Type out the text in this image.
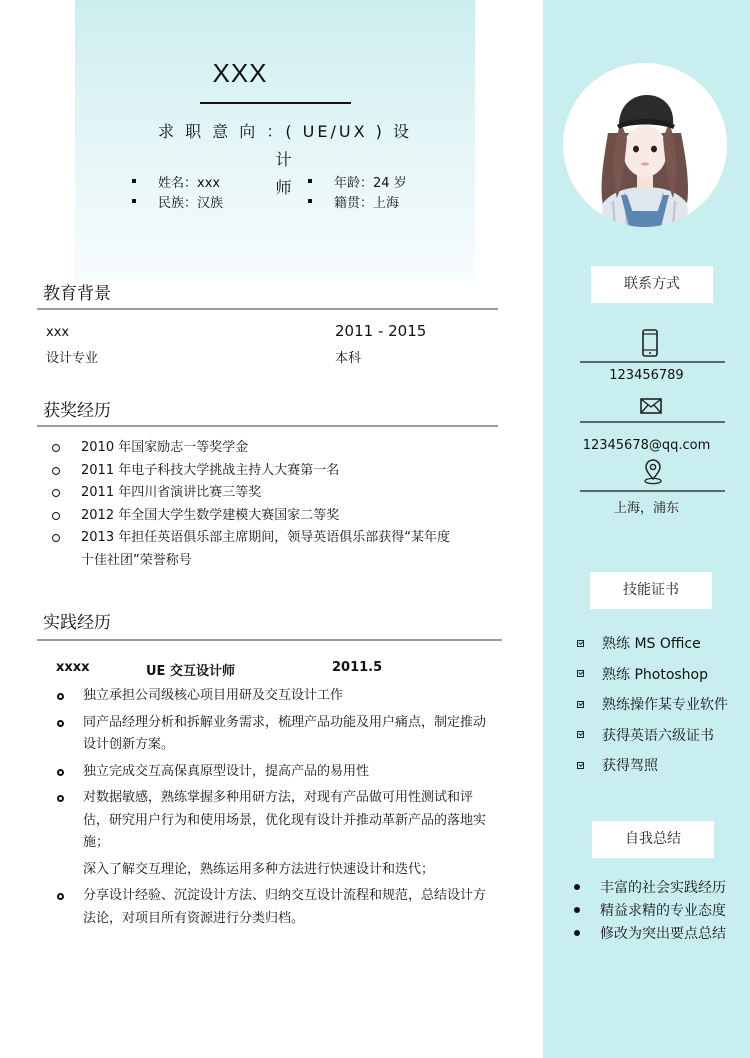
XXX
求 职 意 向 ：( UE/UX ) 设计
师
姓名：xxx	年龄：24 岁
民族：汉族	籍贯：上海
教育背景
xxx	2011 - 2015
设计专业	本科
获奖经历
2010 年国家励志一等奖学金
2011 年电子科技大学挑战主持人大赛第一名
2011 年四川省演讲比赛三等奖
2012 年全国大学生数学建模大赛国家二等奖
2013 年担任英语俱乐部主席期间，领导英语俱乐部获得“某年度十佳社团”荣誉称号
实践经历
xxxx	UE 交互设计师	2011.5
独立承担公司级核心项目用研及交互设计工作
同产品经理分析和拆解业务需求，梳理产品功能及用户痛点，制定推动设计创新方案。
独立完成交互高保真原型设计，提高产品的易用性
对数据敏感，熟练掌握多种用研方法，对现有产品做可用性测试和评估，研究用户行为和使用场景，优化现有设计并推动革新产品的落地实施；
深入了解交互理论，熟练运用多种方法进行快速设计和迭代；
分享设计经验、沉淀设计方法、归纳交互设计流程和规范，总结设计方法论，对项目所有资源进行分类归档。
联系方式
123456789
12345678@qq.com
上海，浦东
技能证书
熟练 MS Office
熟练 Photoshop
熟练操作某专业软件
获得英语六级证书
获得驾照
自我总结
丰富的社会实践经历
精益求精的专业态度
修改为突出要点总结
